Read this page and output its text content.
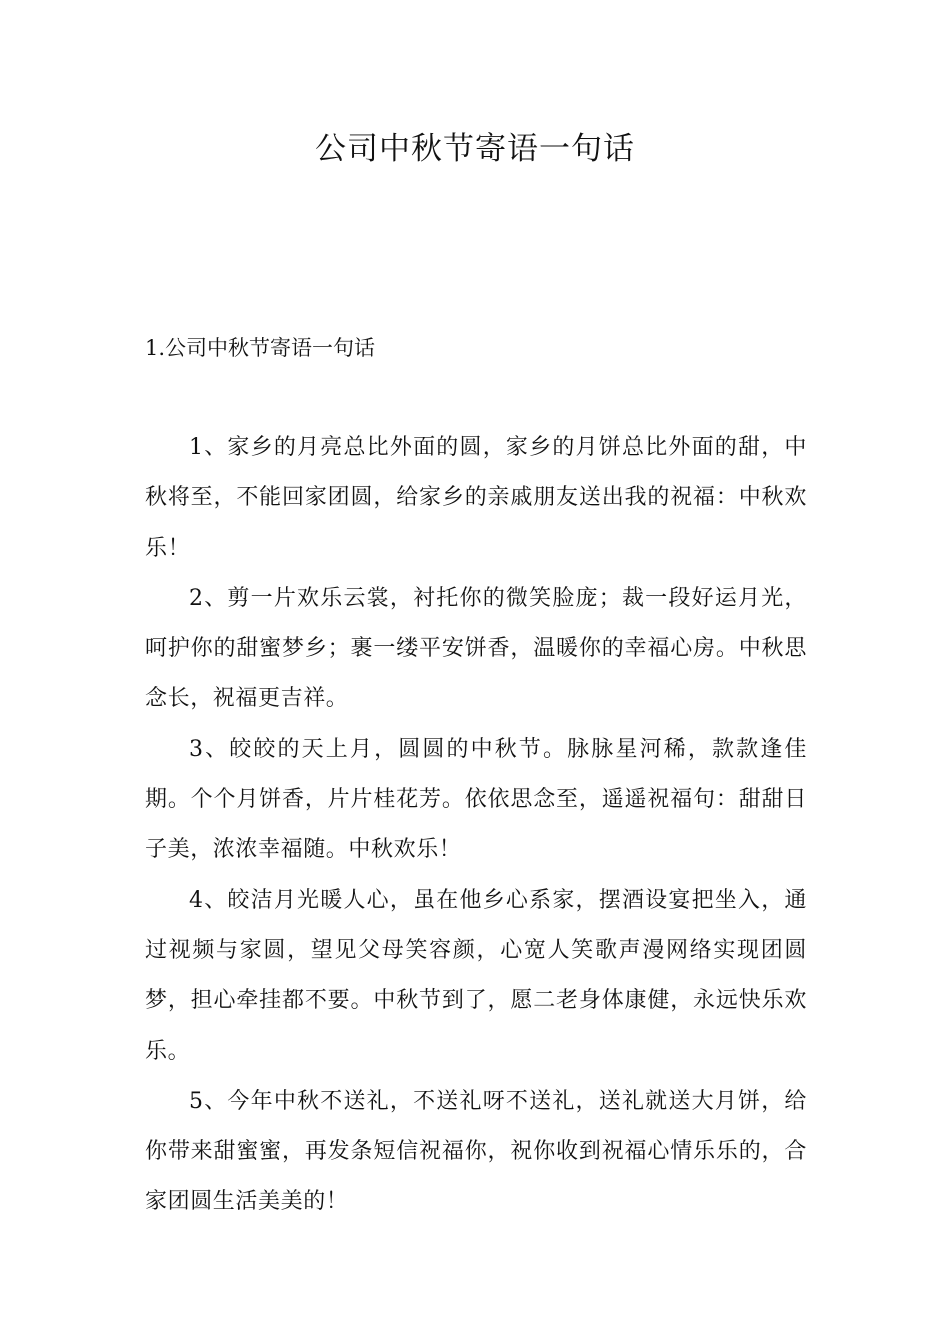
公司中秋节寄语一句话
1.公司中秋节寄语一句话

1、家乡的月亮总比外面的圆，家乡的月饼总比外面的甜，中秋将至，不能回家团圆，给家乡的亲戚朋友送出我的祝福：中秋欢乐！

2、剪一片欢乐云裳，衬托你的微笑脸庞；裁一段好运月光，呵护你的甜蜜梦乡；裹一缕平安饼香，温暖你的幸福心房。中秋思念长，祝福更吉祥。

3、皎皎的天上月，圆圆的中秋节。脉脉星河稀，款款逢佳期。个个月饼香，片片桂花芳。依依思念至，遥遥祝福句：甜甜日子美，浓浓幸福随。中秋欢乐！

4、皎洁月光暖人心，虽在他乡心系家，摆酒设宴把坐入，通过视频与家圆，望见父母笑容颜，心宽人笑歌声漫网络实现团圆梦，担心牵挂都不要。中秋节到了，愿二老身体康健，永远快乐欢乐。

5、今年中秋不送礼，不送礼呀不送礼，送礼就送大月饼，给你带来甜蜜蜜，再发条短信祝福你，祝你收到祝福心情乐乐的，合家团圆生活美美的！
